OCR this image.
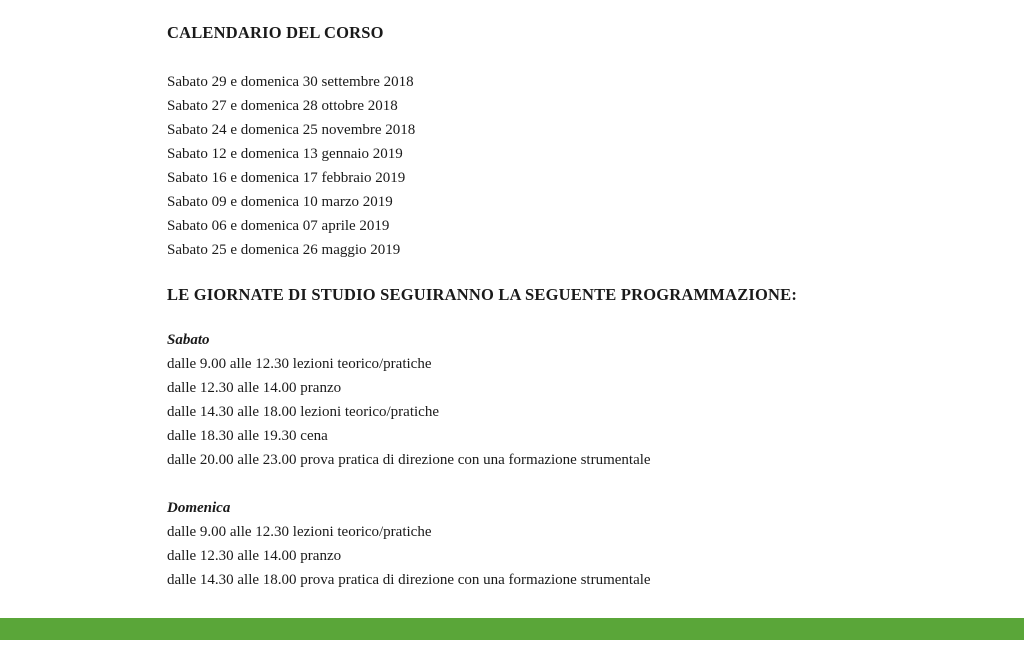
CALENDARIO DEL CORSO
Sabato 29 e domenica 30 settembre 2018
Sabato 27 e domenica 28 ottobre 2018
Sabato 24 e domenica 25 novembre 2018
Sabato 12 e domenica 13 gennaio 2019
Sabato 16 e domenica 17 febbraio 2019
Sabato 09 e domenica 10 marzo 2019
Sabato 06 e domenica 07 aprile 2019
Sabato 25 e domenica 26 maggio 2019
LE GIORNATE DI STUDIO SEGUIRANNO LA SEGUENTE PROGRAMMAZIONE:
Sabato
dalle 9.00 alle 12.30 lezioni teorico/pratiche
dalle 12.30 alle 14.00 pranzo
dalle 14.30 alle 18.00 lezioni teorico/pratiche
dalle 18.30 alle 19.30 cena
dalle 20.00 alle 23.00 prova pratica di direzione con una formazione strumentale
Domenica
dalle 9.00 alle 12.30 lezioni teorico/pratiche
dalle 12.30 alle 14.00 pranzo
dalle 14.30 alle 18.00 prova pratica di direzione con una formazione strumentale

Club Culturale Musica Viva! - via Manzoni, 1 Triuggio  -  www.clubmusicaviva.com
